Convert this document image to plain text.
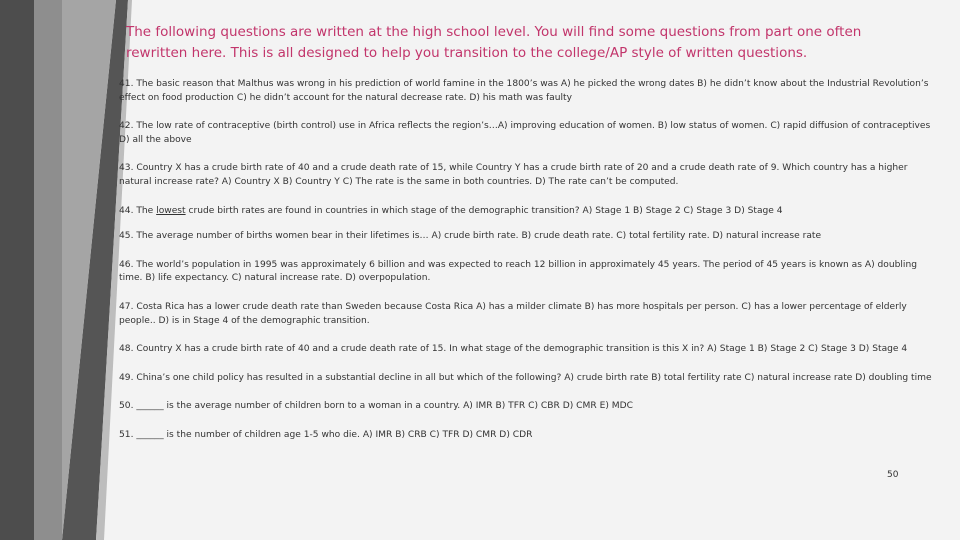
The following questions are written at the high school level. You will find some questions from part one often
rewritten here. This is all designed to help you transition to the college/AP style of written questions.
41. The basic reason that Malthus was wrong in his prediction of world famine in the 1800’s was A) he picked the wrong dates B) he didn’t know about the Industrial Revolution’s effect on food production C) he didn’t account for the natural decrease rate. D) his math was faulty
42. The low rate of contraceptive (birth control) use in Africa reflects the region’s…A) improving education of women. B) low status of women. C) rapid diffusion of contraceptives D) all the above
43. Country X has a crude birth rate of 40 and a crude death rate of 15, while Country Y has a crude birth rate of 20 and a crude death rate of 9. Which country has a higher natural increase rate? A) Country X B) Country Y C) The rate is the same in both countries. D) The rate can’t be computed.
44. The lowest crude birth rates are found in countries in which stage of the demographic transition? A) Stage 1 B) Stage 2 C) Stage 3 D) Stage 4
45. The average number of births women bear in their lifetimes is… A) crude birth rate. B) crude death rate. C) total fertility rate. D) natural increase rate
46. The world’s population in 1995 was approximately 6 billion and was expected to reach 12 billion in approximately 45 years. The period of 45 years is known as A) doubling time. B) life expectancy. C) natural increase rate. D) overpopulation.
47. Costa Rica has a lower crude death rate than Sweden because Costa Rica A) has a milder climate B) has more hospitals per person. C) has a lower percentage of elderly people.. D) is in Stage 4 of the demographic transition.
48. Country X has a crude birth rate of 40 and a crude death rate of 15. In what stage of the demographic transition is this X in? A) Stage 1 B) Stage 2 C) Stage 3 D) Stage 4
49. China’s one child policy has resulted in a substantial decline in all but which of the following? A) crude birth rate B) total fertility rate C) natural increase rate D) doubling time
50. ______ is the average number of children born to a woman in a country. A) IMR B) TFR C) CBR D) CMR E) MDC
51. ______ is the number of children age 1-5 who die. A) IMR B) CRB C) TFR D) CMR D) CDR
50
